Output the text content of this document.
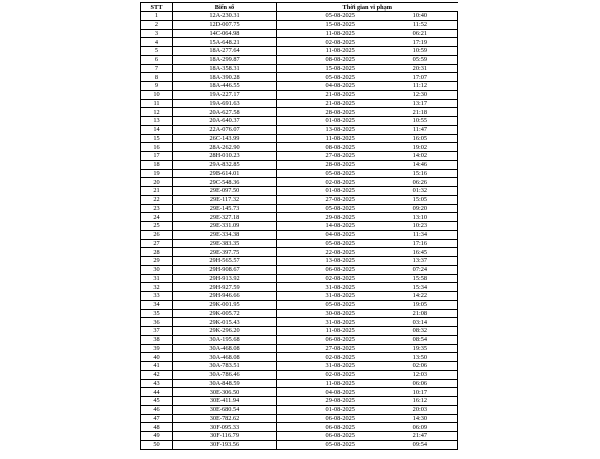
STT	Biển số	Thời gian vi phạm	
1	12A-230.31	05-08-2025	10:40
2	12D-007.75	15-08-2025	11:52
3	14C-064.98	11-08-2025	06:21
4	15A-648.21	02-08-2025	17:19
5	18A-277.64	11-08-2025	10:59
6	18A-299.87	08-08-2025	05:59
7	18A-358.31	15-08-2025	20:31
8	18A-390.28	05-08-2025	17:07
9	18A-446.55	04-08-2025	11:12
10	19A-227.17	21-08-2025	12:30
11	19A-691.63	21-08-2025	13:17
12	20A-627.58	28-08-2025	21:18
13	20A-640.37	01-08-2025	10:55
14	22A-076.07	13-08-2025	11:47
15	26C-143.99	11-08-2025	16:05
16	28A-262.90	08-08-2025	19:02
17	28H-010.23	27-08-2025	14:02
18	29A-832.85	28-08-2025	14:46
19	29B-614.01	05-08-2025	15:16
20	29C-548.36	02-08-2025	06:26
21	29E-097.50	01-08-2025	01:32
22	29E-117.32	27-08-2025	15:05
23	29E-145.73	05-08-2025	09:20
24	29E-327.18	29-08-2025	13:10
25	29E-331.09	14-08-2025	10:23
26	29E-334.38	04-08-2025	11:34
27	29E-383.35	05-08-2025	17:16
28	29E-397.75	22-08-2025	16:45
29	29H-565.57	13-08-2025	13:37
30	29H-908.67	06-08-2025	07:24
31	29H-913.92	02-08-2025	15:58
32	29H-927.59	31-08-2025	15:34
33	29H-946.66	31-08-2025	14:22
34	29K-001.95	05-08-2025	19:05
35	29K-005.72	30-08-2025	21:08
36	29K-015.43	31-08-2025	03:14
37	29K-296.20	11-08-2025	08:32
38	30A-195.68	06-08-2025	08:54
39	30A-468.08	27-08-2025	19:35
40	30A-468.08	02-08-2025	13:50
41	30A-783.51	31-08-2025	02:06
42	30A-786.46	02-08-2025	12:03
43	30A-848.59	11-08-2025	06:06
44	30E-306.50	04-08-2025	10:17
45	30E-411.94	29-08-2025	16:12
46	30E-680.54	01-08-2025	20:03
47	30E-782.62	06-08-2025	14:30
48	30F-095.33	06-08-2025	06:09
49	30F-116.79	06-08-2025	21:47
50	30F-193.56	05-08-2025	09:54
